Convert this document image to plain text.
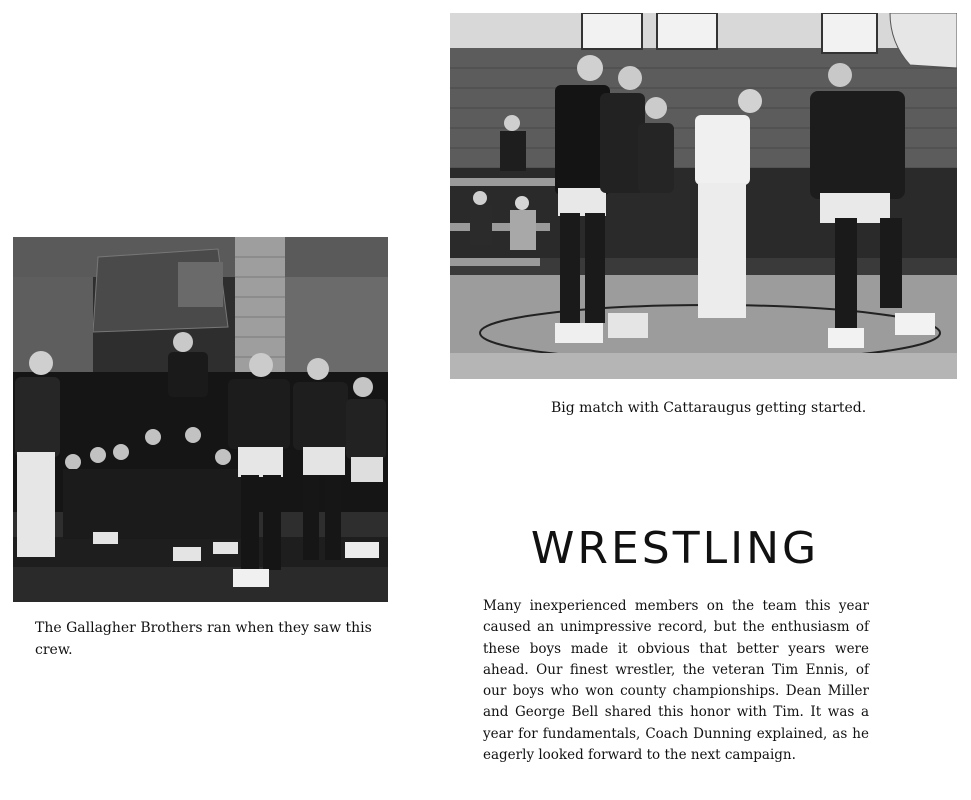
Big match with Cattaraugus getting started.
The Gallagher Brothers ran when they saw this crew.
WRESTLING

Many inexperienced members on the team this year caused an unimpressive record, but the enthusiasm of these boys made it obvious that better years were ahead. Our finest wrestler, the veteran Tim Ennis, of our boys who won county championships. Dean Miller and George Bell shared this honor with Tim. It was a year for fundamentals, Coach Dunning explained, as he eagerly looked forward to the next campaign.
